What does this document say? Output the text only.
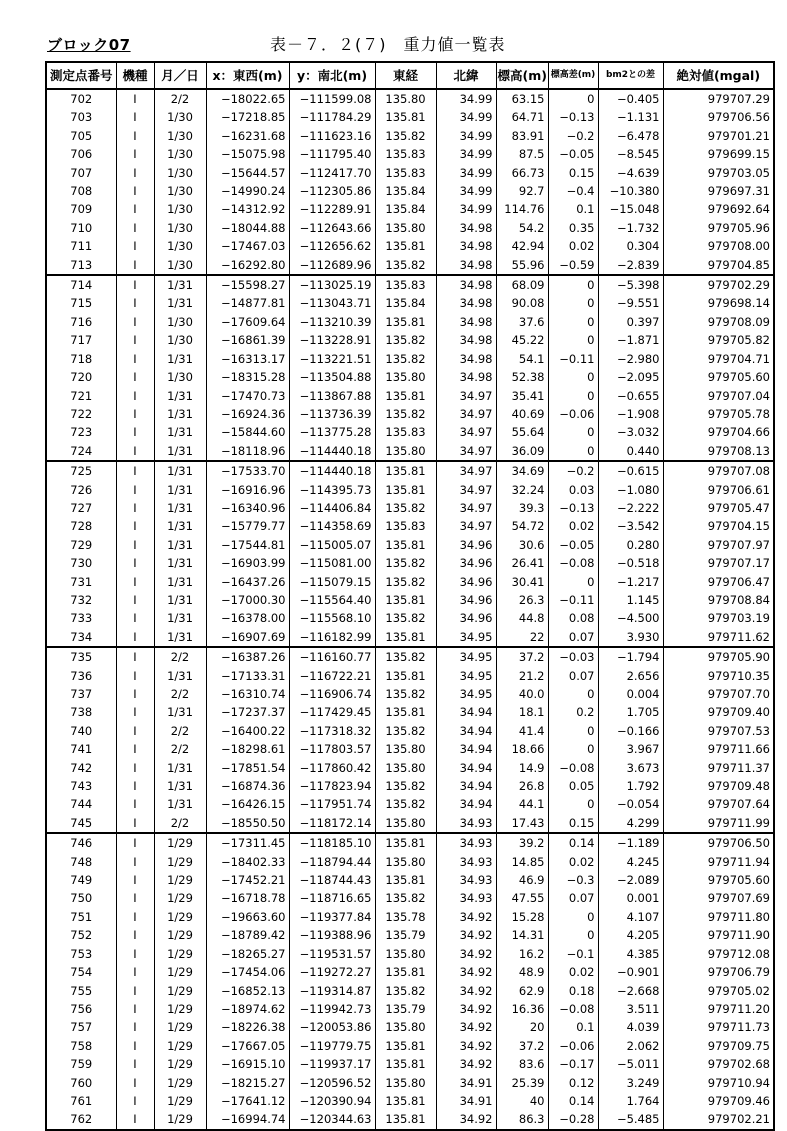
ブロック07	表－７．２(７)　重力値一覧表
測定点番号	機種	月／日	x：東西(m)	y：南北(m)	東経	北緯	標高(m)	標高差(m)	bm2との差	絶対値(mgal)
702	I	2/2	−18022.65	−111599.08	135.80	34.99	63.15	0	−0.405	979707.29
703	I	1/30	−17218.85	−111784.29	135.81	34.99	64.71	−0.13	−1.131	979706.56
705	I	1/30	−16231.68	−111623.16	135.82	34.99	83.91	−0.2	−6.478	979701.21
706	I	1/30	−15075.98	−111795.40	135.83	34.99	87.5	−0.05	−8.545	979699.15
707	I	1/30	−15644.57	−112417.70	135.83	34.99	66.73	0.15	−4.639	979703.05
708	I	1/30	−14990.24	−112305.86	135.84	34.99	92.7	−0.4	−10.380	979697.31
709	I	1/30	−14312.92	−112289.91	135.84	34.99	114.76	0.1	−15.048	979692.64
710	I	1/30	−18044.88	−112643.66	135.80	34.98	54.2	0.35	−1.732	979705.96
711	I	1/30	−17467.03	−112656.62	135.81	34.98	42.94	0.02	0.304	979708.00
713	I	1/30	−16292.80	−112689.96	135.82	34.98	55.96	−0.59	−2.839	979704.85
714	I	1/31	−15598.27	−113025.19	135.83	34.98	68.09	0	−5.398	979702.29
715	I	1/31	−14877.81	−113043.71	135.84	34.98	90.08	0	−9.551	979698.14
716	I	1/30	−17609.64	−113210.39	135.81	34.98	37.6	0	0.397	979708.09
717	I	1/30	−16861.39	−113228.91	135.82	34.98	45.22	0	−1.871	979705.82
718	I	1/31	−16313.17	−113221.51	135.82	34.98	54.1	−0.11	−2.980	979704.71
720	I	1/30	−18315.28	−113504.88	135.80	34.98	52.38	0	−2.095	979705.60
721	I	1/31	−17470.73	−113867.88	135.81	34.97	35.41	0	−0.655	979707.04
722	I	1/31	−16924.36	−113736.39	135.82	34.97	40.69	−0.06	−1.908	979705.78
723	I	1/31	−15844.60	−113775.28	135.83	34.97	55.64	0	−3.032	979704.66
724	I	1/31	−18118.96	−114440.18	135.80	34.97	36.09	0	0.440	979708.13
725	I	1/31	−17533.70	−114440.18	135.81	34.97	34.69	−0.2	−0.615	979707.08
726	I	1/31	−16916.96	−114395.73	135.81	34.97	32.24	0.03	−1.080	979706.61
727	I	1/31	−16340.96	−114406.84	135.82	34.97	39.3	−0.13	−2.222	979705.47
728	I	1/31	−15779.77	−114358.69	135.83	34.97	54.72	0.02	−3.542	979704.15
729	I	1/31	−17544.81	−115005.07	135.81	34.96	30.6	−0.05	0.280	979707.97
730	I	1/31	−16903.99	−115081.00	135.82	34.96	26.41	−0.08	−0.518	979707.17
731	I	1/31	−16437.26	−115079.15	135.82	34.96	30.41	0	−1.217	979706.47
732	I	1/31	−17000.30	−115564.40	135.81	34.96	26.3	−0.11	1.145	979708.84
733	I	1/31	−16378.00	−115568.10	135.82	34.96	44.8	0.08	−4.500	979703.19
734	I	1/31	−16907.69	−116182.99	135.81	34.95	22	0.07	3.930	979711.62
735	I	2/2	−16387.26	−116160.77	135.82	34.95	37.2	−0.03	−1.794	979705.90
736	I	1/31	−17133.31	−116722.21	135.81	34.95	21.2	0.07	2.656	979710.35
737	I	2/2	−16310.74	−116906.74	135.82	34.95	40.0	0	0.004	979707.70
738	I	1/31	−17237.37	−117429.45	135.81	34.94	18.1	0.2	1.705	979709.40
740	I	2/2	−16400.22	−117318.32	135.82	34.94	41.4	0	−0.166	979707.53
741	I	2/2	−18298.61	−117803.57	135.80	34.94	18.66	0	3.967	979711.66
742	I	1/31	−17851.54	−117860.42	135.80	34.94	14.9	−0.08	3.673	979711.37
743	I	1/31	−16874.36	−117823.94	135.82	34.94	26.8	0.05	1.792	979709.48
744	I	1/31	−16426.15	−117951.74	135.82	34.94	44.1	0	−0.054	979707.64
745	I	2/2	−18550.50	−118172.14	135.80	34.93	17.43	0.15	4.299	979711.99
746	I	1/29	−17311.45	−118185.10	135.81	34.93	39.2	0.14	−1.189	979706.50
748	I	1/29	−18402.33	−118794.44	135.80	34.93	14.85	0.02	4.245	979711.94
749	I	1/29	−17452.21	−118744.43	135.81	34.93	46.9	−0.3	−2.089	979705.60
750	I	1/29	−16718.78	−118716.65	135.82	34.93	47.55	0.07	0.001	979707.69
751	I	1/29	−19663.60	−119377.84	135.78	34.92	15.28	0	4.107	979711.80
752	I	1/29	−18789.42	−119388.96	135.79	34.92	14.31	0	4.205	979711.90
753	I	1/29	−18265.27	−119531.57	135.80	34.92	16.2	−0.1	4.385	979712.08
754	I	1/29	−17454.06	−119272.27	135.81	34.92	48.9	0.02	−0.901	979706.79
755	I	1/29	−16852.13	−119314.87	135.82	34.92	62.9	0.18	−2.668	979705.02
756	I	1/29	−18974.62	−119942.73	135.79	34.92	16.36	−0.08	3.511	979711.20
757	I	1/29	−18226.38	−120053.86	135.80	34.92	20	0.1	4.039	979711.73
758	I	1/29	−17667.05	−119779.75	135.81	34.92	37.2	−0.06	2.062	979709.75
759	I	1/29	−16915.10	−119937.17	135.81	34.92	83.6	−0.17	−5.011	979702.68
760	I	1/29	−18215.27	−120596.52	135.80	34.91	25.39	0.12	3.249	979710.94
761	I	1/29	−17641.12	−120390.94	135.81	34.91	40	0.14	1.764	979709.46
762	I	1/29	−16994.74	−120344.63	135.81	34.92	86.3	−0.28	−5.485	979702.21
